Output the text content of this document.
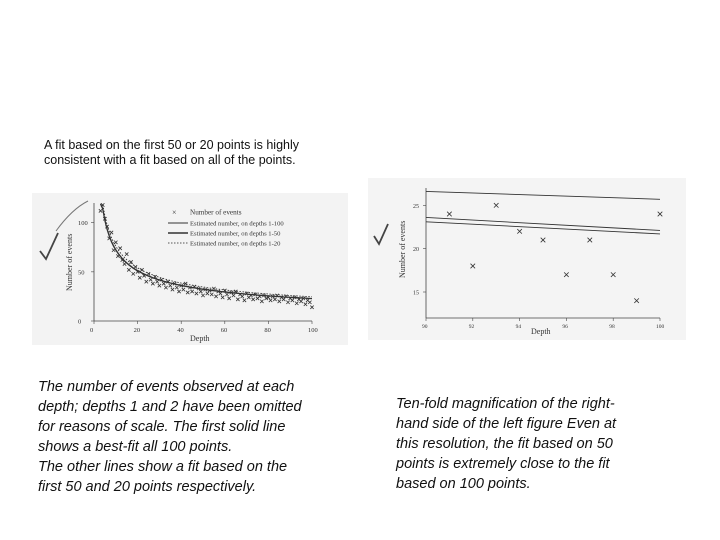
A fit based on the first 50 or 20 points is highly
consistent with a fit based on all of the points.
0	20	40	60	80	100
0
50
100
× Number of events
Estimated number, on depths 1-100
Estimated number, on depths 1-50
Estimated number, on depths 1-20
Number of events
Depth
90	92	94	96	98	100
15
20
25
Number of events
Depth
The number of events observed at each
depth; depths 1 and 2 have been omitted
for reasons of scale. The first solid line
shows a best-fit all 100 points.
The other lines show a fit based on the
first 50 and 20 points respectively.
Ten-fold magnification of the right-
hand side of the left figure Even at
this resolution, the fit based on 50
points is extremely close to the fit
based on 100 points.
